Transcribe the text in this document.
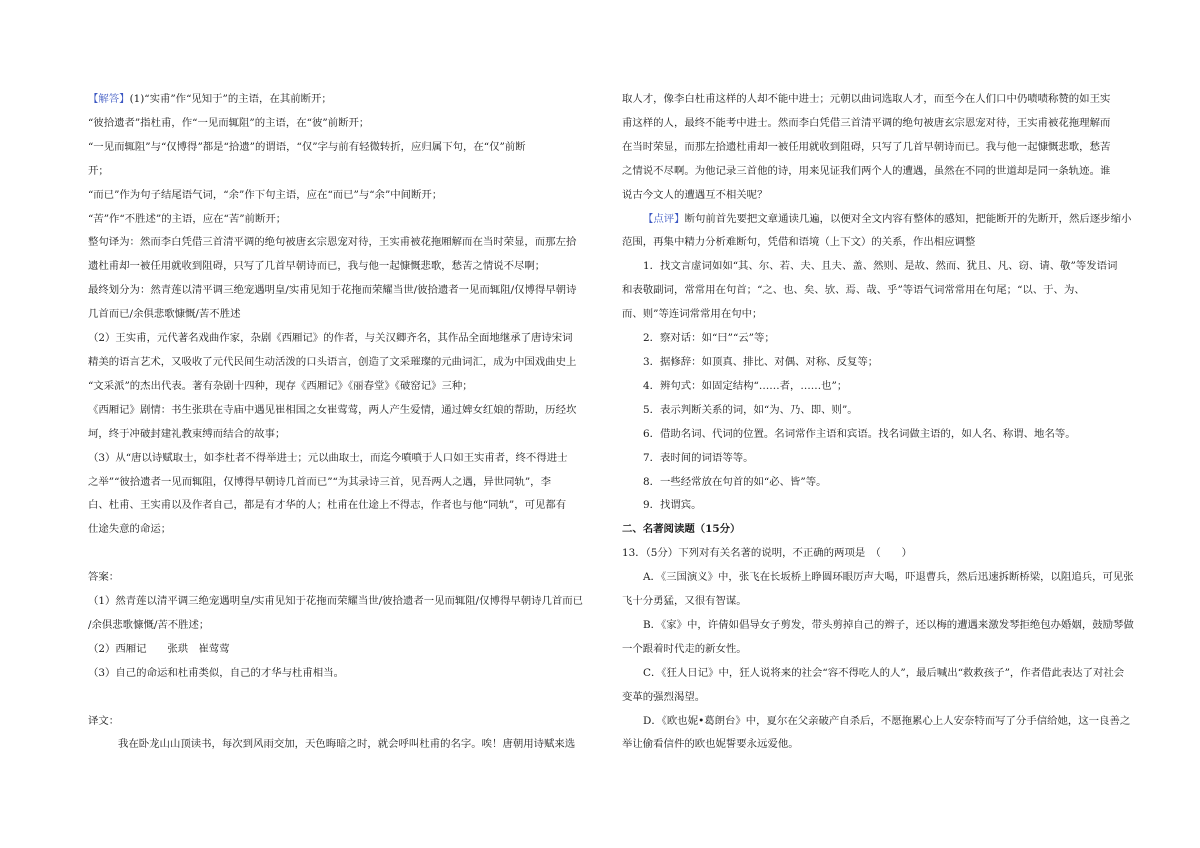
【解答】(1)“实甫”作“见知于”的主语，在其前断开；
“彼拾遗者”指杜甫，作“一见而辄阻”的主语，在“彼”前断开；
“一见而辄阻”与“仅博得”都是“拾遗”的谓语，“仅”字与前有轻微转折，应归属下句，在“仅”前断
开；
“而已”作为句子结尾语气词，“余”作下句主语，应在“而已”与“余”中间断开；
“苦”作“不胜述”的主语，应在“苦”前断开；
整句译为：然而李白凭借三首清平调的绝句被唐玄宗恩宠对待，王实甫被花拖厢解而在当时荣显，而那左拾
遗杜甫却一被任用就收到阻碍，只写了几首早朝诗而已，我与他一起慷慨悲歌，愁苦之情说不尽啊；
最终划分为：然青莲以清平调三绝宠遇明皇/实甫见知于花拖而荣耀当世/彼拾遗者一见而辄阻/仅博得早朝诗
几首而已/余俱悲歌慷慨/苦不胜述
（2）王实甫，元代著名戏曲作家，杂剧《西厢记》的作者，与关汉卿齐名，其作品全面地继承了唐诗宋词
精美的语言艺术，又吸收了元代民间生动活泼的口头语言，创造了文采璀璨的元曲词汇，成为中国戏曲史上
“文采派”的杰出代表。著有杂剧十四种，现存《西厢记》《丽春堂》《破窑记》三种；
《西厢记》剧情：书生张珙在寺庙中遇见崔相国之女崔莺莺，两人产生爱情，通过婢女红娘的帮助，历经坎
坷，终于冲破封建礼教束缚而结合的故事；
（3）从“唐以诗赋取士，如李杜者不得举进士；元以曲取士，而迄今噴噴于人口如王实甫者，终不得进士
之举”“彼拾遗者一见而辄阻，仅博得早朝诗几首而已”“为其录诗三首，见吾两人之遇，异世同轨”，李
白、杜甫、王实甫以及作者自己，都是有才华的人；杜甫在仕途上不得志，作者也与他“同轨”，可见都有
仕途失意的命运；
答案：
（1）然青莲以清平调三绝宠遇明皇/实甫见知于花拖而荣耀当世/彼拾遗者一见而辄阻/仅博得早朝诗几首而已
/余俱悲歌慷慨/苦不胜述；
（2）西厢记　　张珙　崔莺莺
（3）自己的命运和杜甫类似，自己的才华与杜甫相当。
译文：
我在卧龙山山顶读书，每次到风雨交加，天色晦暗之时，就会呼叫杜甫的名字。唉！唐朝用诗赋来选
取人才，像李白杜甫这样的人却不能中进士；元朝以曲词选取人才，而至今在人们口中仍啧啧称赞的如王实
甫这样的人，最终不能考中进士。然而李白凭借三首清平调的绝句被唐玄宗恩宠对待，王实甫被花拖理解而
在当时荣显，而那左拾遗杜甫却一被任用就收到阻碍，只写了几首早朝诗而已。我与他一起慷慨悲歌，愁苦
之情说不尽啊。为他记录三首他的诗，用来见证我们两个人的遭遇，虽然在不同的世道却是同一条轨迹。谁
说古今文人的遭遇互不相关呢？
【点评】断句前首先要把文章通读几遍，以便对全文内容有整体的感知，把能断开的先断开，然后逐步缩小
范围，再集中精力分析难断句，凭借和语境（上下文）的关系，作出相应调整
1．找文言虚词如如“其、尔、若、夫、且夫、盖、然则、是故、然而、犹且、凡、窃、请、敬”等发语词
和表敬副词，常常用在句首；“之、也、矣、欤、焉、哉、乎”等语气词常常用在句尾；“以、于、为、
而、则”等连词常常用在句中；
2．察对话：如“曰”“云”等；
3．据修辞：如顶真、排比、对偶、对称、反复等；
4．辨句式：如固定结构“……者，……也”；
5．表示判断关系的词，如“为、乃、即、则”。
6．借助名词、代词的位置。名词常作主语和宾语。找名词做主语的，如人名、称谓、地名等。
7．表时间的词语等等。
8．一些经常放在句首的如“必、皆”等。
9．找谓宾。
二、名著阅读题（15分）
13．（5分）下列对有关名著的说明，不正确的两项是　（　　）
A．《三国演义》中，张飞在长坂桥上睁圆环眼厉声大喝，吓退曹兵，然后迅速拆断桥梁，以阻追兵，可见张
飞十分勇猛，又很有智谋。
B．《家》中，许倩如倡导女子剪发，带头剪掉自己的辫子，还以梅的遭遇来激发琴拒绝包办婚姻，鼓励琴做
一个跟着时代走的新女性。
C．《狂人日记》中，狂人说将来的社会“容不得吃人的人”，最后喊出“救救孩子”，作者借此表达了对社会
变革的强烈渴望。
D．《欧也妮•葛朗台》中，夏尔在父亲破产自杀后，不愿拖累心上人安奈特而写了分手信给她，这一良善之
举让偷看信件的欧也妮誓要永远爱他。
